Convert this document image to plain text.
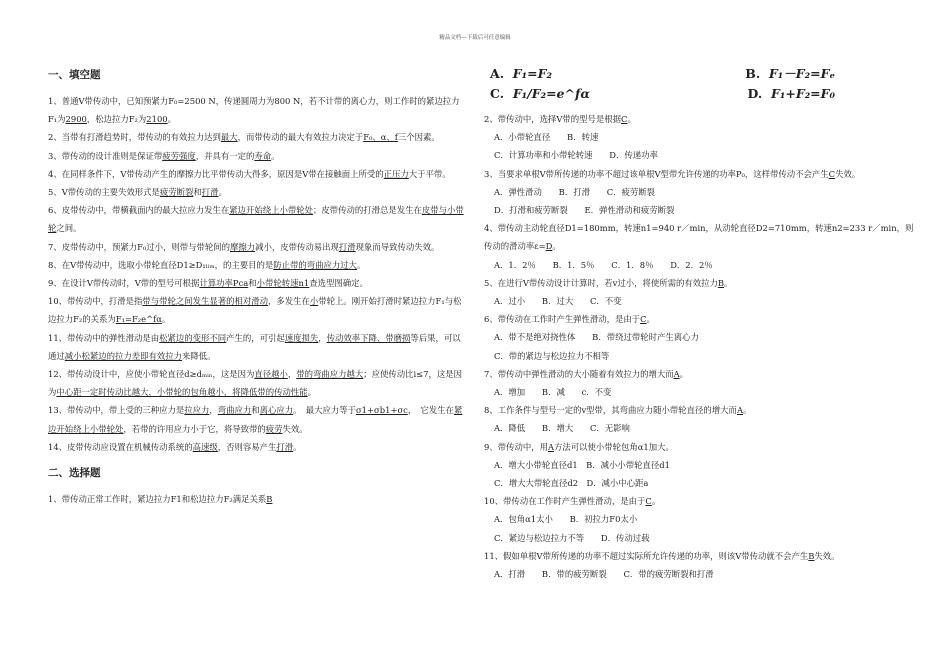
精品文档---下载后可任意编辑

一、填空题

1、普通V带传动中，已知预紧力F₀=2500 N，传递圆周力为800 N，若不计带的离心力，则工作时的紧边拉力F₁为2900，松边拉力F₂为2100。

2、当带有打滑趋势时，带传动的有效拉力达到最大，而带传动的最大有效拉力决定于F₀、α、f三个因素。

3、带传动的设计准则是保证带疲劳强度，并具有一定的寿命。

4、在同样条件下，V带传动产生的摩擦力比平带传动大得多，原因是V带在接触面上所受的正压力大于平带。

5、V带传动的主要失效形式是疲劳断裂和打滑。

6、皮带传动中，带横截面内的最大拉应力发生在紧边开始绕上小带轮处；皮带传动的打滑总是发生在皮带与小带轮之间。

7、皮带传动中，预紧力F₀过小，则带与带轮间的摩擦力减小，皮带传动易出现打滑现象而导致传动失效。

8、在V带传动中，选取小带轮直径D1≥D₁ₗᵢₘ，的主要目的是防止带的弯曲应力过大。

9、在设计V带传动时，V带的型号可根据计算功率Pca和小带轮转速n1查选型图确定。

10、带传动中，打滑是指带与带轮之间发生显著的相对滑动，多发生在小带轮上。刚开始打滑时紧边拉力F₁与松边拉力F₂的关系为F₁=F₂e^fα。

11、带传动中的弹性滑动是由松紧边的变形不同产生的，可引起速度损失，传动效率下降、带磨损等后果，可以通过减小松紧边的拉力差即有效拉力来降低。

12、带传动设计中，应使小带轮直径d≥dₘᵢₙ，这是因为直径越小，带的弯曲应力越大；应使传动比i≤7，这是因为中心距一定时传动比越大，小带轮的包角越小，将降低带的传动性能。

13、带传动中，带上受的三种应力是拉应力，弯曲应力和离心应力。　最大应力等于σ1+σb1+σc，　它发生在紧边开始绕上小带轮处，若带的许用应力小于它，将导致带的疲劳失效。

14、皮带传动应设置在机械传动系统的高速级，否则容易产生打滑。

二、选择题

1、带传动正常工作时，紧边拉力F1和松边拉力F₂满足关系B

A. F₁=F₂	B. F₁－F₂=Fₑ
C. F₁/F₂=e^fα	D. F₁+F₂=F₀

2、带传动中，选择V带的型号是根据C。

A．小带轮直径　　B．转速

C．计算功率和小带轮转速　　D．传递功率

3、当要求单根V带所传递的功率不超过该单根V型带允许传递的功率P₀，这样带传动不会产生C失效。

A．弹性滑动　　B．打滑　　C．疲劳断裂

D．打滑和疲劳断裂　　E．弹性滑动和疲劳断裂

4、带传动主动轮直径D1=180mm，转速n1=940 r／min，从动轮直径D2=710mm，转速n2=233 r／min，则传动的滑动率ε=D。

A．1．2％　　B．1．5％　　C．1．8％　　D．2．2％

5、在进行V带传动设计计算时，若v过小，将使所需的有效拉力B。

A．过小　　B．过大　　C．不变

6、带传动在工作时产生弹性滑动，是由于C。

A．带不是绝对挠性体　　B．带绕过带轮时产生离心力

C．带的紧边与松边拉力不相等

7、带传动中弹性滑动的大小随着有效拉力的增大而A。

A．增加　　B．减　　c．不变

8、工作条件与型号一定的v型带，其弯曲应力随小带轮直径的增大而A。

A．降低　　B．增大　　C．无影响

9、带传动中，用A方法可以使小带轮包角α1加大。

A．增大小带轮直径d1　B．减小小带轮直径d1

C．增大大带轮直径d2　D．减小中心距a

10、带传动在工作时产生弹性滑动，是由于C。

A．包角α1太小　　B．初拉力F0太小

C．紧边与松边拉力不等　　D．传动过载

11、假如单根V带所传递的功率不超过实际所允许传递的功率，则该V带传动就不会产生B失效。

A．打滑　　B．带的疲劳断裂　　C．带的疲劳断裂和打滑
